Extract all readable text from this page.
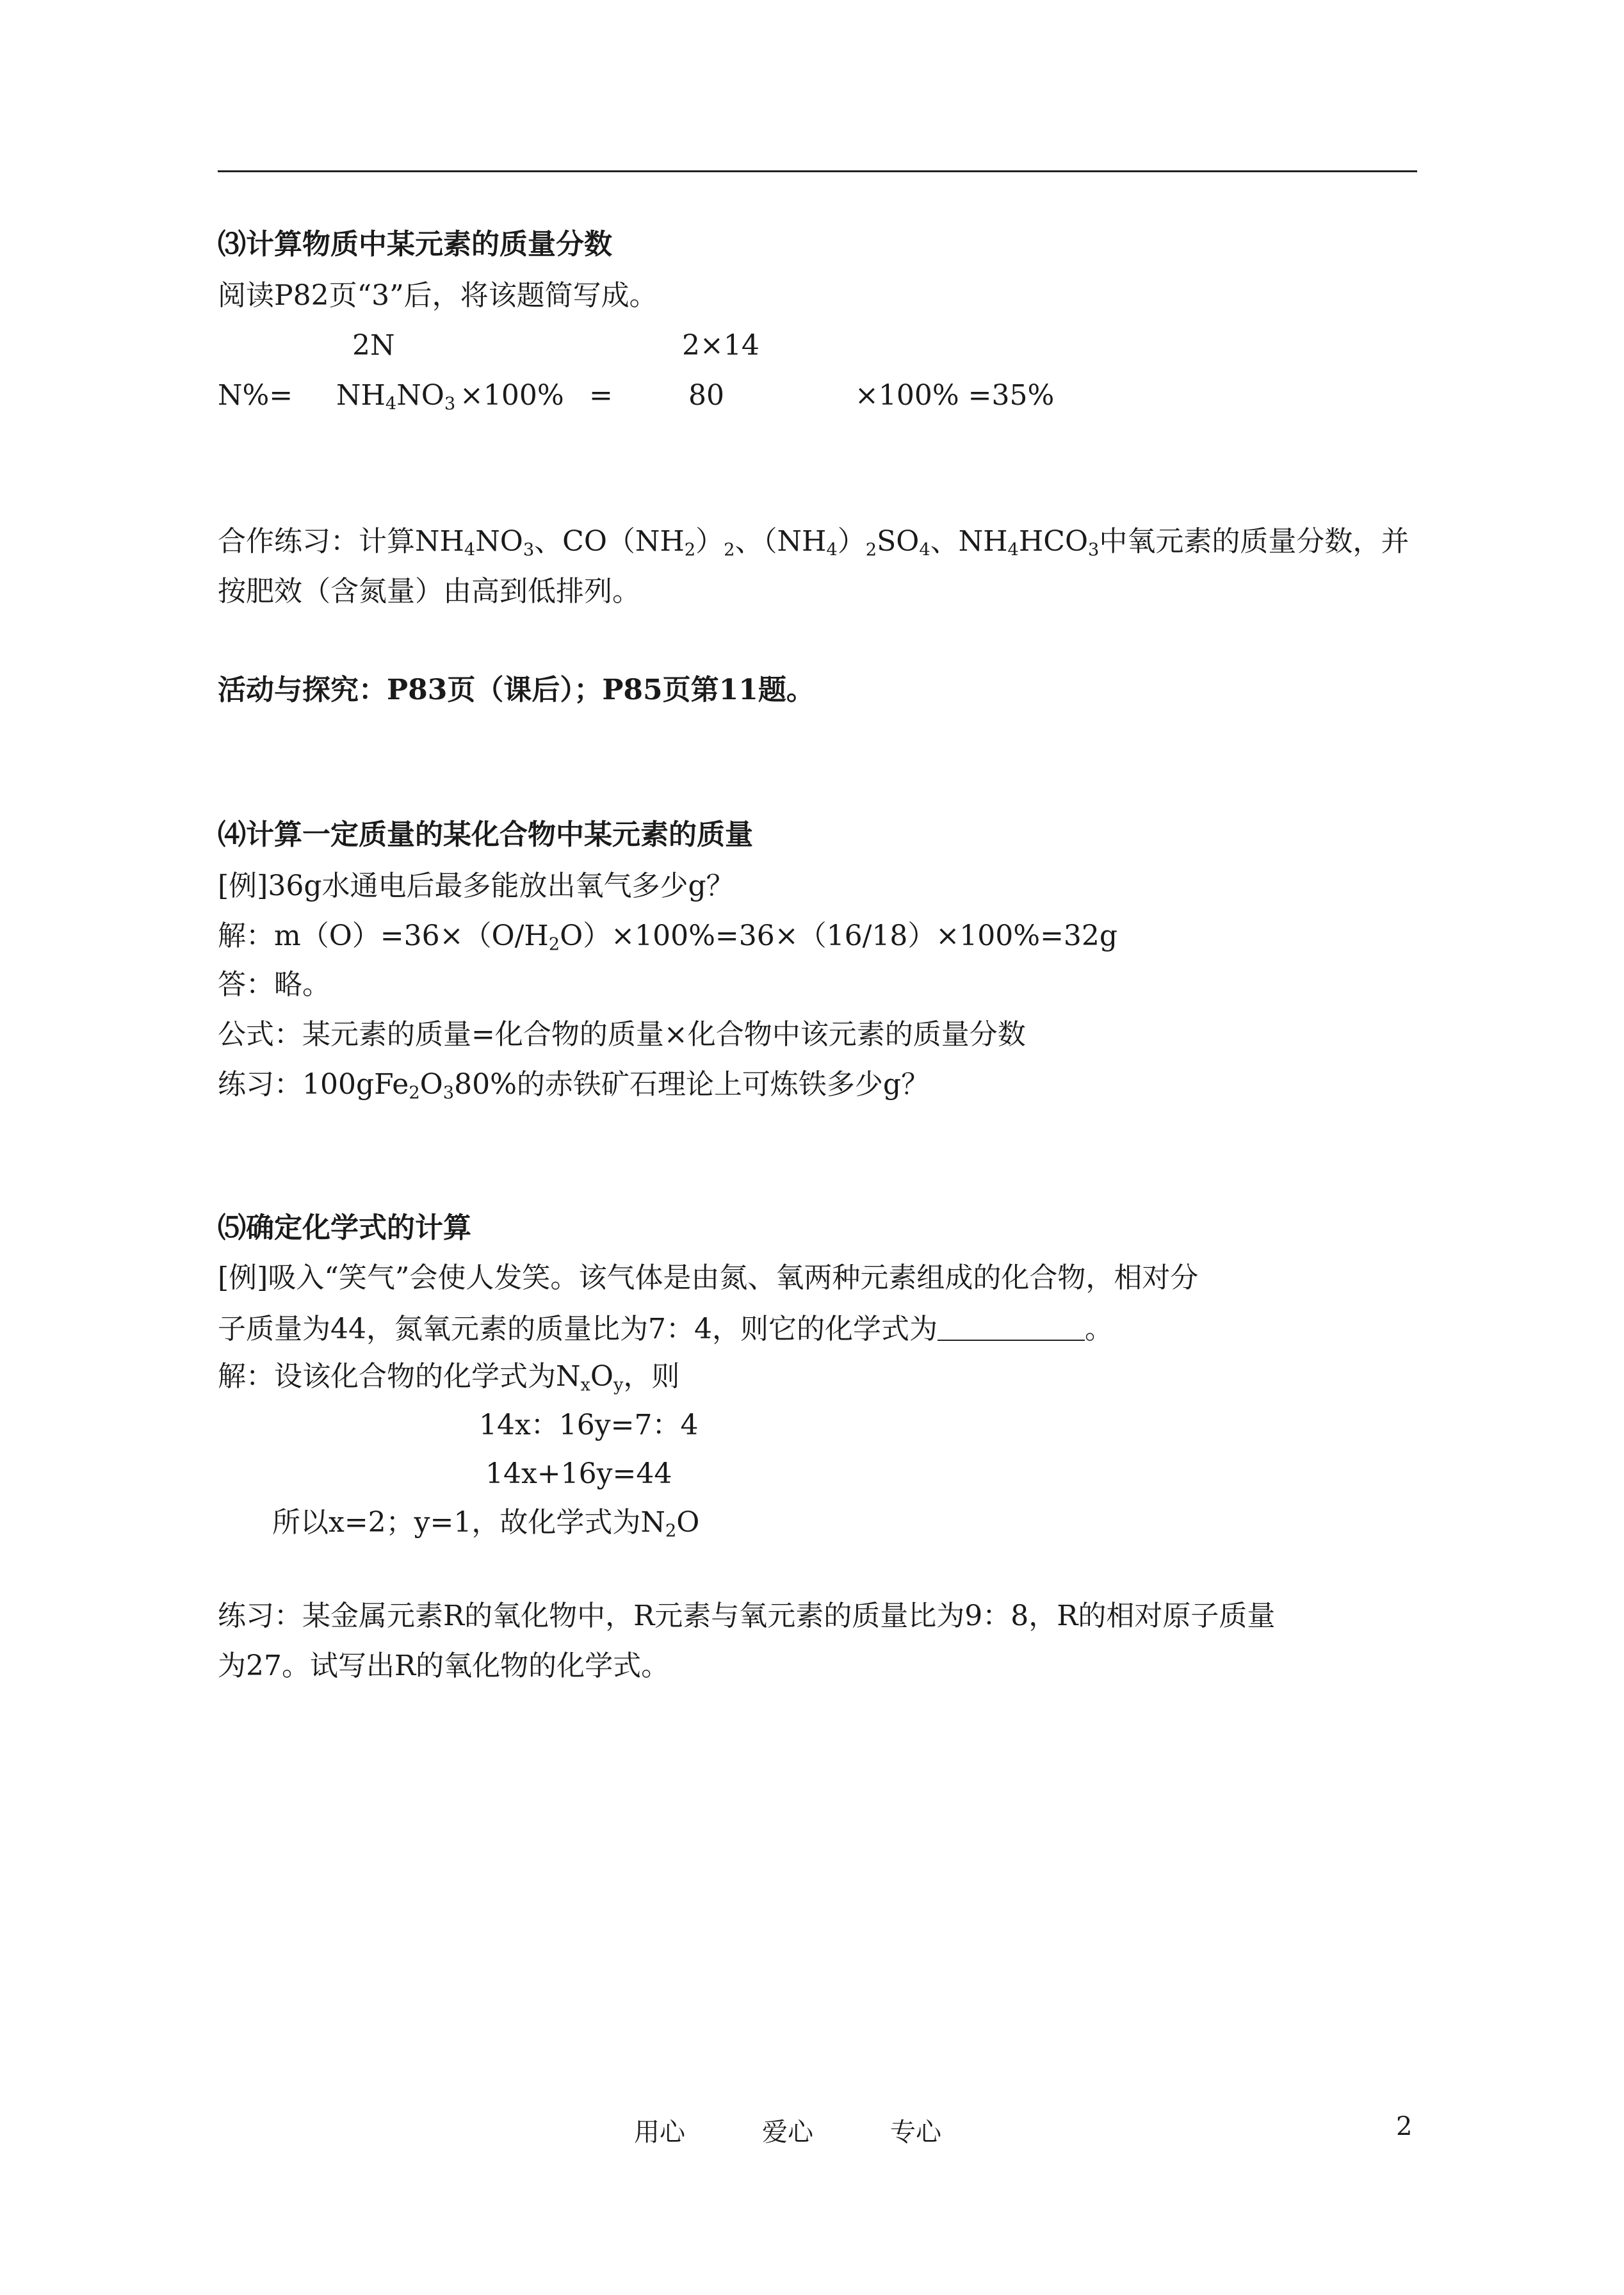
⑶计算物质中某元素的质量分数
阅读P82页“3”后，将该题简写成。
2N	2×14
$N\%= NH_4NO_3 \times 100\%$ =	80	×100% =35%
合作练习：计算$NH_4NO_3$、$CO(NH_2)_2$、$(NH_4)_2SO_4$、$NH_4HCO_3$中氧元素的质量分数，并
按肥效（含氮量）由高到低排列。
活动与探究：P83页（课后）；P85页第11题。
⑷计算一定质量的某化合物中某元素的质量
[例]36g水通电后最多能放出氧气多少g？
解：$m(O)=36\times(O/H_2O)\times 100\%=36\times(16/18)\times 100\%=32g$
答：略。
公式：某元素的质量=化合物的质量×化合物中该元素的质量分数
练习：$100gFe_2O_380\%$的赤铁矿石理论上可炼铁多少g？
⑸确定化学式的计算
[例]吸入“笑气”会使人发笑。该气体是由氮、氧两种元素组成的化合物，相对分
子质量为44，氮氧元素的质量比为7：4，则它的化学式为	。
解：设该化合物的化学式为$N_xO_y$，则
14x：16y=7：4
14x+16y=44
所以x=2；y=1，故化学式为$N_2O$
练习：某金属元素R的氧化物中，R元素与氧元素的质量比为9：8，R的相对原子质量
为27。试写出R的氧化物的化学式。
用心	爱心	专心	2
